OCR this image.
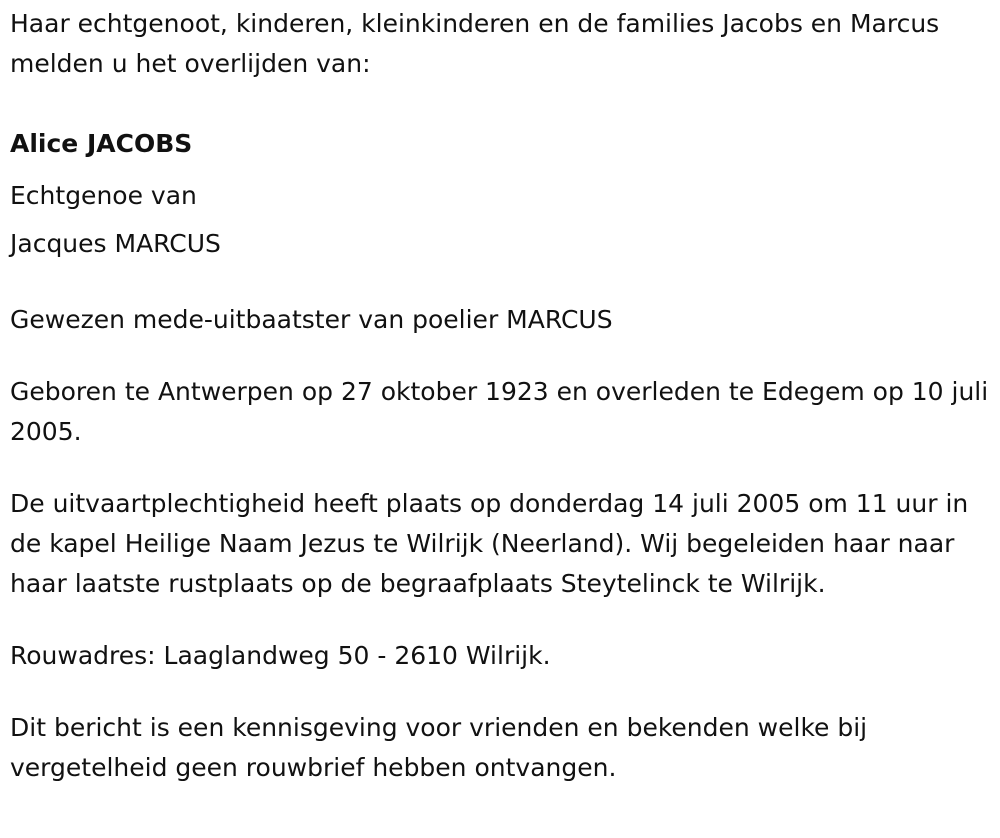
Haar echtgenoot, kinderen, kleinkinderen en de families Jacobs en Marcus melden u het overlijden van:

Alice JACOBS

Echtgenoe van

Jacques MARCUS

Gewezen mede-uitbaatster van poelier MARCUS

Geboren te Antwerpen op 27 oktober 1923 en overleden te Edegem op 10 juli 2005.

De uitvaartplechtigheid heeft plaats op donderdag 14 juli 2005 om 11 uur in de kapel Heilige Naam Jezus te Wilrijk (Neerland). Wij begeleiden haar naar haar laatste rustplaats op de begraafplaats Steytelinck te Wilrijk.

Rouwadres: Laaglandweg 50 - 2610 Wilrijk.

Dit bericht is een kennisgeving voor vrienden en bekenden welke bij vergetelheid geen rouwbrief hebben ontvangen.
